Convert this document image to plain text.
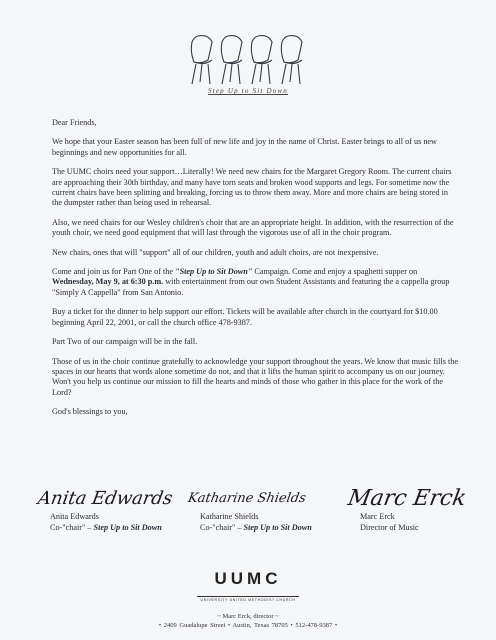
Step Up to Sit Down

Dear Friends,

We hope that your Easter season has been full of new life and joy in the name of Christ. Easter brings to all of us new beginnings and new opportunities for all.

The UUMC choirs need your support…Literally! We need new chairs for the Margaret Gregory Room. The current chairs are approaching their 30th birthday, and many have torn seats and broken wood supports and legs. For sometime now the current chairs have been splitting and breaking, forcing us to throw them away. More and more chairs are being stored in the dumpster rather than being used in rehearsal.

Also, we need chairs for our Wesley children's choir that are an appropriate height. In addition, with the resurrection of the youth choir, we need good equipment that will last through the vigorous use of all in the choir program.

New chairs, ones that will "support" all of our children, youth and adult choirs, are not inexpensive.

Come and join us for Part One of the "Step Up to Sit Down" Campaign. Come and enjoy a spaghetti supper on Wednesday, May 9, at 6:30 p.m. with entertainment from our own Student Assistants and featuring the a cappella group "Simply A Cappella" from San Antonio.

Buy a ticket for the dinner to help support our effort. Tickets will be available after church in the courtyard for $10.00 beginning April 22, 2001, or call the church office 478-9387.

Part Two of our campaign will be in the fall.

Those of us in the choir continue gratefully to acknowledge your support throughout the years. We know that music fills the spaces in our hearts that words alone sometime do not, and that it lifts the human spirit to accompany us on our journey. Won't you help us continue our mission to fill the hearts and minds of those who gather in this place for the work of the Lord?

God's blessings to you,

Anita Edwards
Anita Edwards
Co-"chair" – Step Up to Sit Down
Katharine Shields
Katharine Shields
Co-"chair" – Step Up to Sit Down
Marc Erck
Marc Erck
Director of Music
UUMC
UNIVERSITY UNITED METHODIST CHURCH
~ Marc Erck, director ~
• 2409 Guadalupe Street • Austin, Texas 78705 • 512-478-9387 •
